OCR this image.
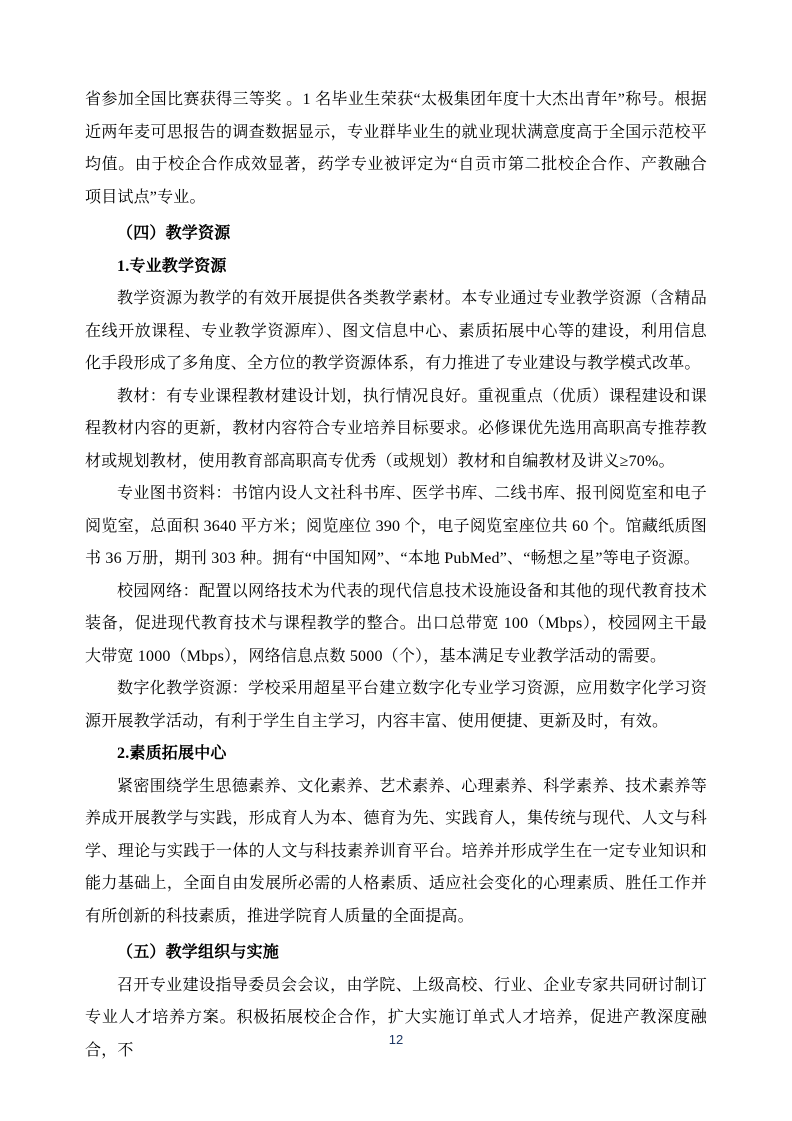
省参加全国比赛获得三等奖 。1 名毕业生荣获“太极集团年度十大杰出青年”称号。根据近两年麦可思报告的调查数据显示，专业群毕业生的就业现状满意度高于全国示范校平均值。由于校企合作成效显著，药学专业被评定为“自贡市第二批校企合作、产教融合项目试点”专业。

（四）教学资源
1.专业教学资源

教学资源为教学的有效开展提供各类教学素材。本专业通过专业教学资源（含精品在线开放课程、专业教学资源库）、图文信息中心、素质拓展中心等的建设，利用信息化手段形成了多角度、全方位的教学资源体系，有力推进了专业建设与教学模式改革。

教材：有专业课程教材建设计划，执行情况良好。重视重点（优质）课程建设和课程教材内容的更新，教材内容符合专业培养目标要求。必修课优先选用高职高专推荐教材或规划教材，使用教育部高职高专优秀（或规划）教材和自编教材及讲义≥70%。

专业图书资料：书馆内设人文社科书库、医学书库、二线书库、报刊阅览室和电子阅览室，总面积 3640 平方米；阅览座位 390 个，电子阅览室座位共 60 个。馆藏纸质图书 36 万册，期刊 303 种。拥有“中国知网”、“本地 PubMed”、“畅想之星”等电子资源。

校园网络：配置以网络技术为代表的现代信息技术设施设备和其他的现代教育技术装备，促进现代教育技术与课程教学的整合。出口总带宽 100（Mbps），校园网主干最大带宽 1000（Mbps），网络信息点数 5000（个），基本满足专业教学活动的需要。

数字化教学资源：学校采用超星平台建立数字化专业学习资源，应用数字化学习资源开展教学活动，有利于学生自主学习，内容丰富、使用便捷、更新及时，有效。

2.素质拓展中心

紧密围绕学生思德素养、文化素养、艺术素养、心理素养、科学素养、技术素养等养成开展教学与实践，形成育人为本、德育为先、实践育人，集传统与现代、人文与科学、理论与实践于一体的人文与科技素养训育平台。培养并形成学生在一定专业知识和能力基础上，全面自由发展所必需的人格素质、适应社会变化的心理素质、胜任工作并有所创新的科技素质，推进学院育人质量的全面提高。

（五）教学组织与实施

召开专业建设指导委员会会议，由学院、上级高校、行业、企业专家共同研讨制订专业人才培养方案。积极拓展校企合作，扩大实施订单式人才培养，促进产教深度融合，不

12
